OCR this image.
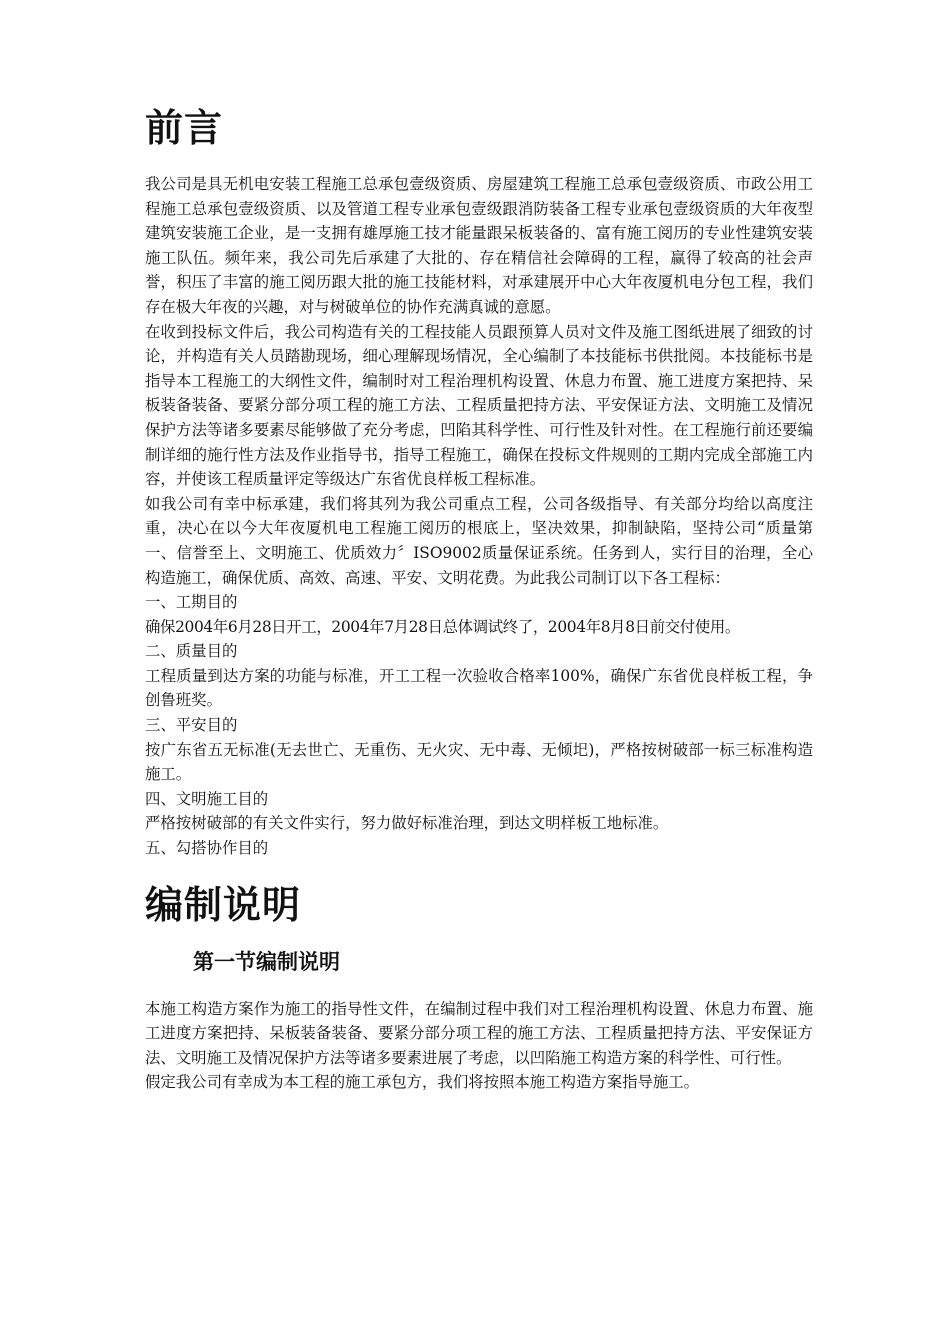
前言

我公司是具无机电安装工程施工总承包壹级资质、房屋建筑工程施工总承包壹级资质、市政公用工程施工总承包壹级资质、以及管道工程专业承包壹级跟消防装备工程专业承包壹级资质的大年夜型建筑安装施工企业，是一支拥有雄厚施工技才能量跟呆板装备的、富有施工阅历的专业性建筑安装施工队伍。频年来，我公司先后承建了大批的、存在精信社会障碍的工程，赢得了较高的社会声誉，积压了丰富的施工阅历跟大批的施工技能材料，对承建展开中心大年夜厦机电分包工程，我们存在极大年夜的兴趣，对与树破单位的协作充满真诚的意愿。

在收到投标文件后，我公司构造有关的工程技能人员跟预算人员对文件及施工图纸进展了细致的讨论，并构造有关人员踏勘现场，细心理解现场情况，全心编制了本技能标书供批阅。本技能标书是指导本工程施工的大纲性文件，编制时对工程治理机构设置、休息力布置、施工进度方案把持、呆板装备装备、要紧分部分项工程的施工方法、工程质量把持方法、平安保证方法、文明施工及情况保护方法等诸多要素尽能够做了充分考虑，凹陷其科学性、可行性及针对性。在工程施行前还要编制详细的施行性方法及作业指导书，指导工程施工，确保在投标文件规则的工期内完成全部施工内容，并使该工程质量评定等级达广东省优良样板工程标准。

如我公司有幸中标承建，我们将其列为我公司重点工程，公司各级指导、有关部分均给以高度注重，决心在以今大年夜厦机电工程施工阅历的根底上，坚决效果，抑制缺陷，坚持公司“质量第一、信誉至上、文明施工、优质效力〞ISO9002质量保证系统。任务到人，实行目的治理，全心构造施工，确保优质、高效、高速、平安、文明花费。为此我公司制订以下各工程标：

一、工期目的

确保2004年6月28日开工，2004年7月28日总体调试终了，2004年8月8日前交付使用。

二、质量目的

工程质量到达方案的功能与标准，开工工程一次验收合格率100%，确保广东省优良样板工程，争创鲁班奖。

三、平安目的

按广东省五无标准(无去世亡、无重伤、无火灾、无中毒、无倾圯)，严格按树破部一标三标准构造施工。

四、文明施工目的

严格按树破部的有关文件实行，努力做好标准治理，到达文明样板工地标准。

五、勾搭协作目的

编制说明
第一节编制说明

本施工构造方案作为施工的指导性文件，在编制过程中我们对工程治理机构设置、休息力布置、施工进度方案把持、呆板装备装备、要紧分部分项工程的施工方法、工程质量把持方法、平安保证方法、文明施工及情况保护方法等诸多要素进展了考虑，以凹陷施工构造方案的科学性、可行性。

假定我公司有幸成为本工程的施工承包方，我们将按照本施工构造方案指导施工。
